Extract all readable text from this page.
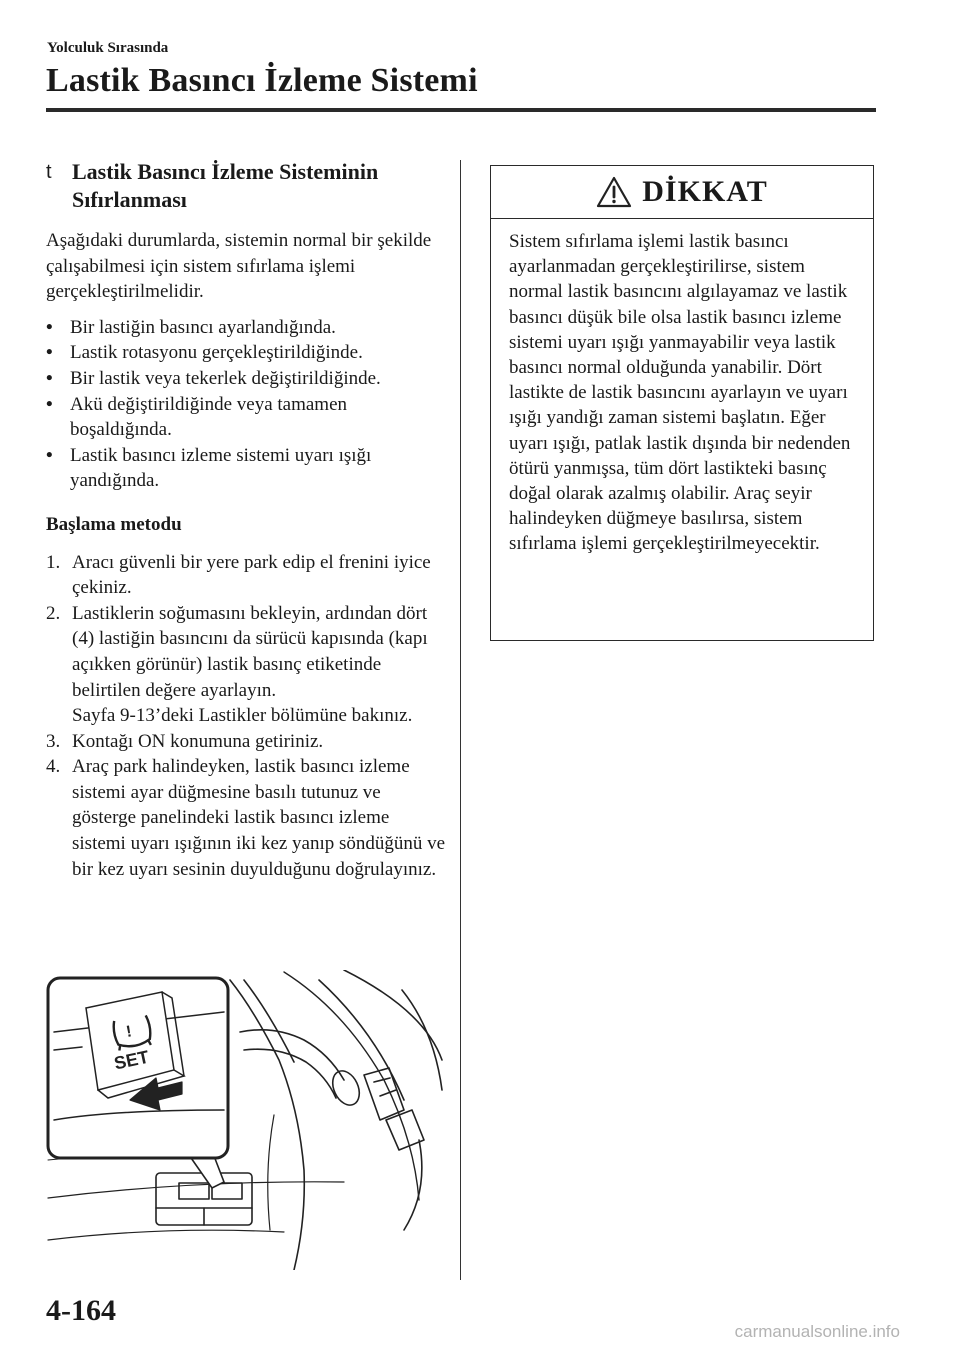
Yolculuk Sırasında
Lastik Basıncı İzleme Sistemi
t Lastik Basıncı İzleme Sisteminin Sıfırlanması

Aşağıdaki durumlarda, sistemin normal bir şekilde çalışabilmesi için sistem sıfırlama işlemi gerçekleştirilmelidir.

• Bir lastiğin basıncı ayarlandığında.
• Lastik rotasyonu gerçekleştirildiğinde.
• Bir lastik veya tekerlek değiştirildiğinde.
• Akü değiştirildiğinde veya tamamen boşaldığında.
• Lastik basıncı izleme sistemi uyarı ışığı yandığında.
Başlama metodu
1. Aracı güvenli bir yere park edip el frenini iyice çekiniz.
2. Lastiklerin soğumasını bekleyin, ardından dört (4) lastiğin basıncını da sürücü kapısında (kapı açıkken görünür) lastik basınç etiketinde belirtilen değere ayarlayın.
Sayfa 9-13’deki Lastikler bölümüne bakınız.
3. Kontağı ON konumuna getiriniz.
4. Araç park halindeyken, lastik basıncı izleme sistemi ayar düğmesine basılı tutunuz ve gösterge panelindeki lastik basıncı izleme sistemi uyarı ışığının iki kez yanıp söndüğünü ve bir kez uyarı sesinin duyulduğunu doğrulayınız.
DİKKAT
Sistem sıfırlama işlemi lastik basıncı ayarlanmadan gerçekleştirilirse, sistem normal lastik basıncını algılayamaz ve lastik basıncı düşük bile olsa lastik basıncı izleme sistemi uyarı ışığı yanmayabilir veya lastik basıncı normal olduğunda yanabilir. Dört lastikte de lastik basıncını ayarlayın ve uyarı ışığı yandığı zaman sistemi başlatın. Eğer uyarı ışığı, patlak lastik dışında bir nedenden ötürü yanmışsa, tüm dört lastikteki basınç doğal olarak azalmış olabilir. Araç seyir halindeyken düğmeye basılırsa, sistem sıfırlama işlemi gerçekleştirilmeyecektir.
!
SET
4-164
carmanualsonline.info
